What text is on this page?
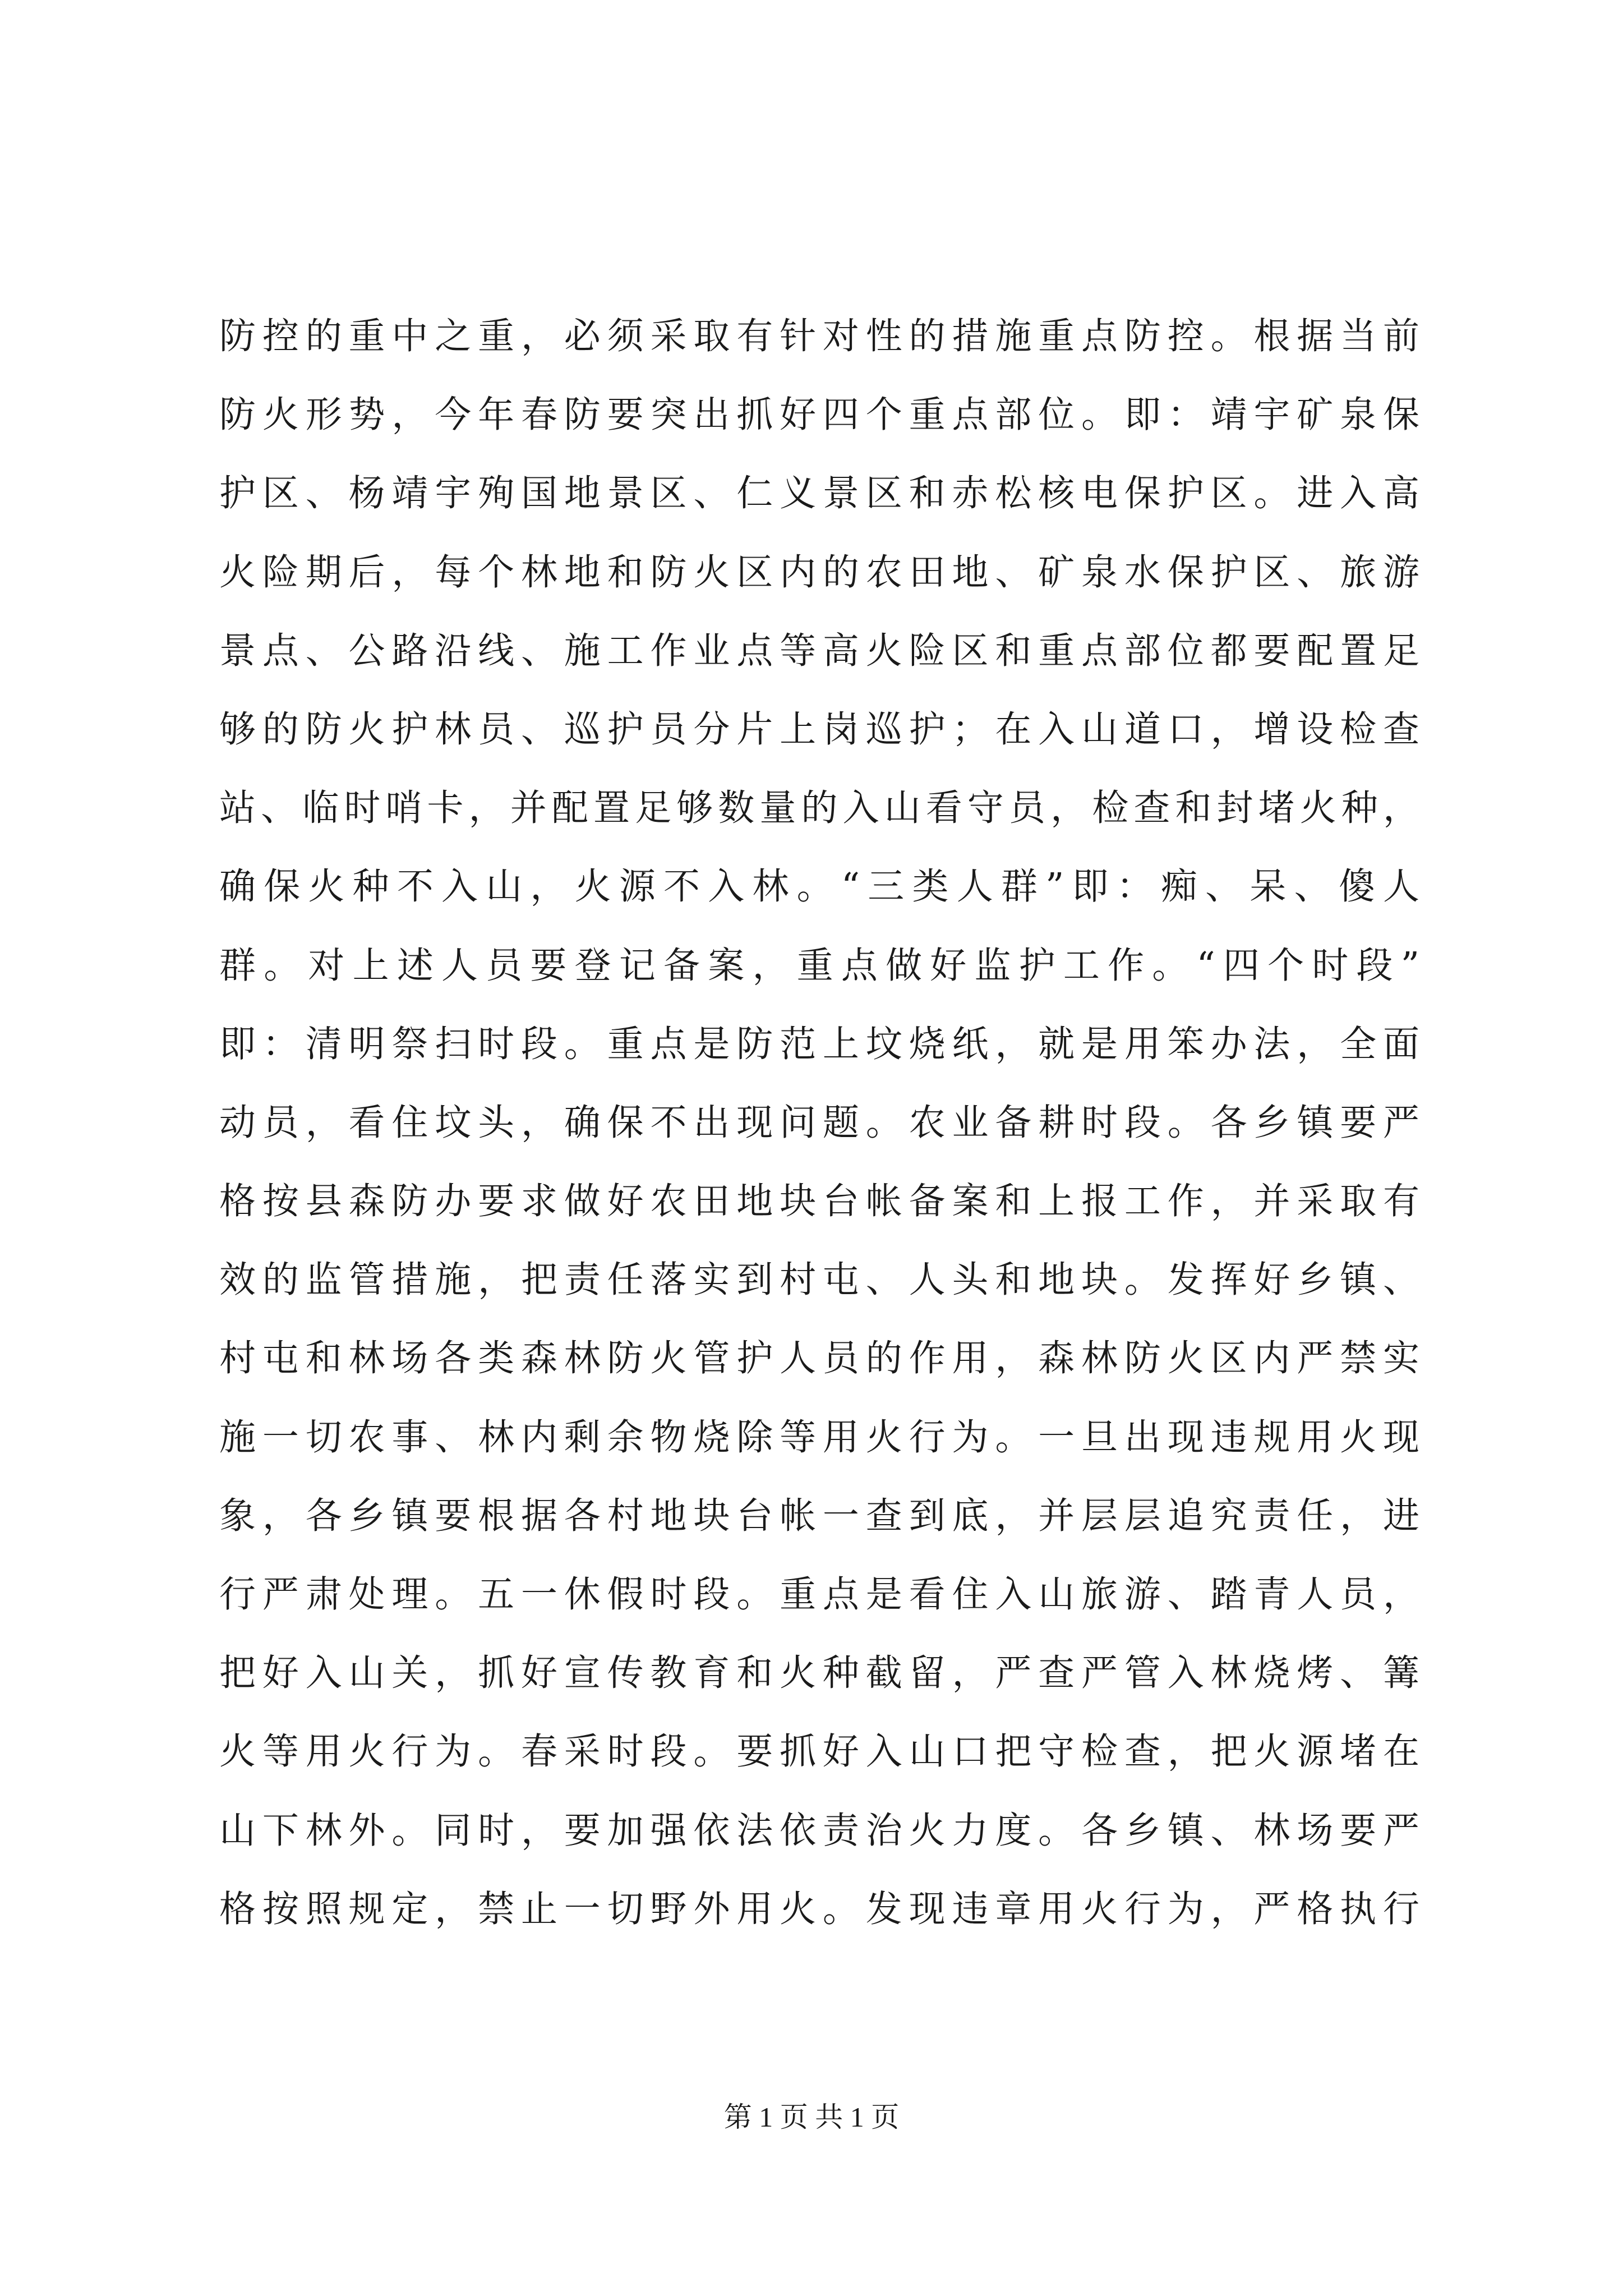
防控的重中之重，必须采取有针对性的措施重点防控。根据当前
防火形势，今年春防要突出抓好四个重点部位。即：靖宇矿泉保
护区、杨靖宇殉国地景区、仁义景区和赤松核电保护区。进入高
火险期后，每个林地和防火区内的农田地、矿泉水保护区、旅游
景点、公路沿线、施工作业点等高火险区和重点部位都要配置足
够的防火护林员、巡护员分片上岗巡护；在入山道口，增设检查
站、临时哨卡，并配置足够数量的入山看守员，检查和封堵火种，
确保火种不入山，火源不入林。“三类人群”即：痴、呆、傻人
群。对上述人员要登记备案，重点做好监护工作。“四个时段”
即：清明祭扫时段。重点是防范上坟烧纸，就是用笨办法，全面
动员，看住坟头，确保不出现问题。农业备耕时段。各乡镇要严
格按县森防办要求做好农田地块台帐备案和上报工作，并采取有
效的监管措施，把责任落实到村屯、人头和地块。发挥好乡镇、
村屯和林场各类森林防火管护人员的作用，森林防火区内严禁实
施一切农事、林内剩余物烧除等用火行为。一旦出现违规用火现
象，各乡镇要根据各村地块台帐一查到底，并层层追究责任，进
行严肃处理。五一休假时段。重点是看住入山旅游、踏青人员，
把好入山关，抓好宣传教育和火种截留，严查严管入林烧烤、篝
火等用火行为。春采时段。要抓好入山口把守检查，把火源堵在
山下林外。同时，要加强依法依责治火力度。各乡镇、林场要严
格按照规定，禁止一切野外用火。发现违章用火行为，严格执行
第 1 页 共 1 页
